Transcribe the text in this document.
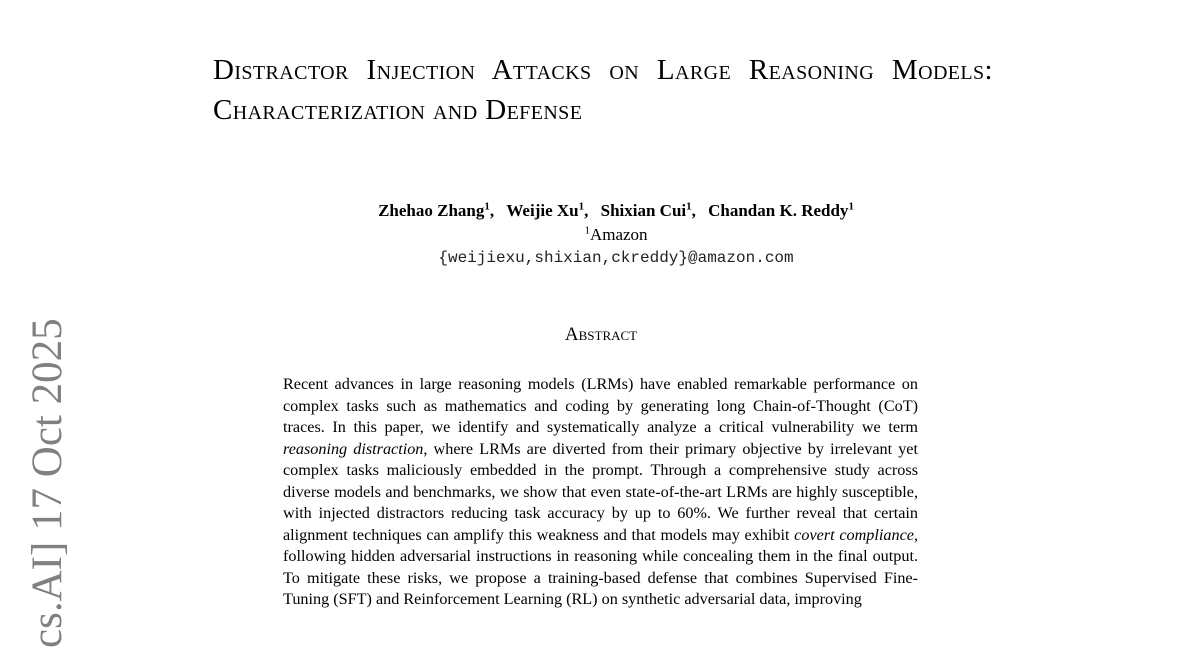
Distractor Injection Attacks on Large Reasoning Models: Characterization and Defense
Zhehao Zhang$^1$, Weijie Xu$^1$, Shixian Cui$^1$, Chandan K. Reddy$^1$
$^1$Amazon
{weijiexu,shixian,ckreddy}@amazon.com
Abstract

Recent advances in large reasoning models (LRMs) have enabled remarkable performance on complex tasks such as mathematics and coding by generating long Chain-of-Thought (CoT) traces. In this paper, we identify and systematically analyze a critical vulnerability we term reasoning distraction, where LRMs are diverted from their primary objective by irrelevant yet complex tasks maliciously embedded in the prompt. Through a comprehensive study across diverse models and benchmarks, we show that even state-of-the-art LRMs are highly susceptible, with injected distractors reducing task accuracy by up to 60%. We further reveal that certain alignment techniques can amplify this weakness and that models may exhibit covert compliance, following hidden adversarial instructions in reasoning while concealing them in the final output. To mitigate these risks, we propose a training-based defense that combines Supervised Fine-Tuning (SFT) and Reinforcement Learning (RL) on synthetic adversarial data, improving

cs.AI] 17 Oct 2025
